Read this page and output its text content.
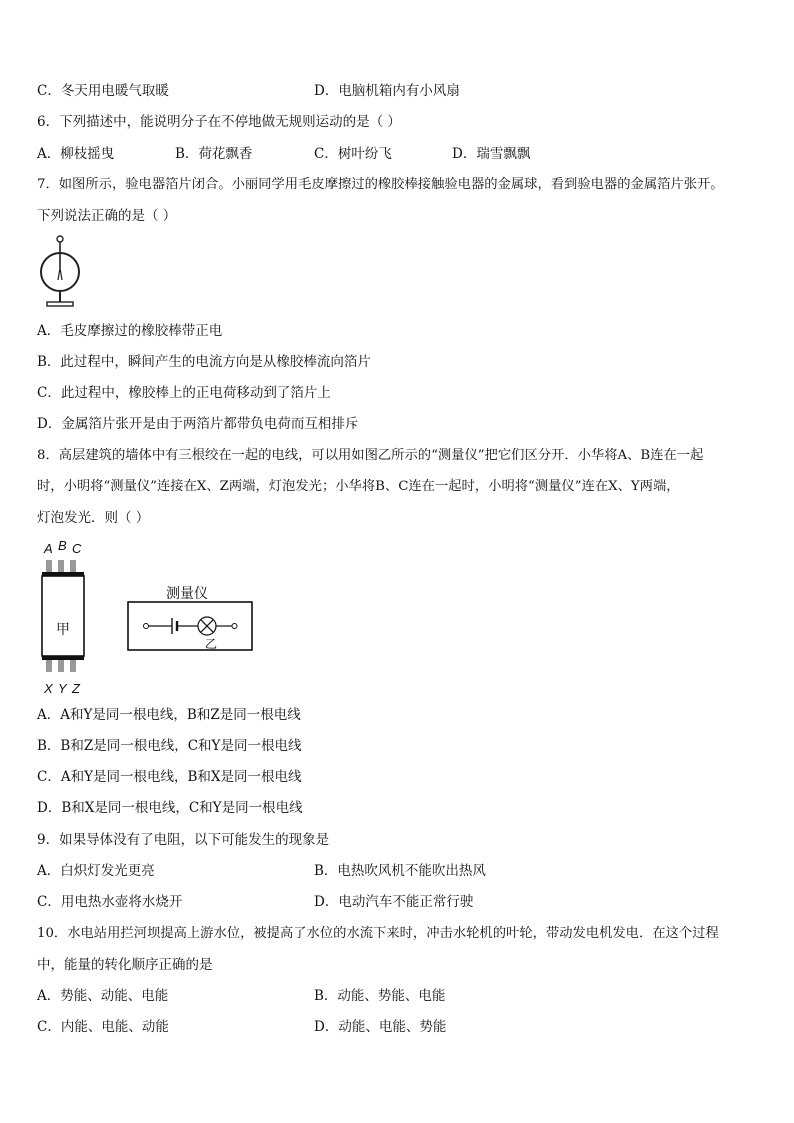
C．冬天用电暖气取暖	D．电脑机箱内有小风扇
6．下列描述中，能说明分子在不停地做无规则运动的是（ ）
A．柳枝摇曳	B．荷花飘香	C．树叶纷飞	D．瑞雪飘飘
7．如图所示，验电器箔片闭合。小丽同学用毛皮摩擦过的橡胶棒接触验电器的金属球，看到验电器的金属箔片张开。
下列说法正确的是（ ）
A．毛皮摩擦过的橡胶棒带正电
B．此过程中，瞬间产生的电流方向是从橡胶棒流向箔片
C．此过程中，橡胶棒上的正电荷移动到了箔片上
D．金属箔片张开是由于两箔片都带负电荷而互相排斥
8．高层建筑的墙体中有三根绞在一起的电线，可以用如图乙所示的“测量仪”把它们区分开．小华将A、B连在一起
时，小明将“测量仪”连接在X、Z两端，灯泡发光；小华将B、C连在一起时，小明将“测量仪”连在X、Y两端，
灯泡发光．则（ ）
A B C
甲
X Y Z
测量仪
乙
A．A和Y是同一根电线，B和Z是同一根电线
B．B和Z是同一根电线，C和Y是同一根电线
C．A和Y是同一根电线，B和X是同一根电线
D．B和X是同一根电线，C和Y是同一根电线
9．如果导体没有了电阻，以下可能发生的现象是
A．白炽灯发光更亮	B．电热吹风机不能吹出热风
C．用电热水壶将水烧开	D．电动汽车不能正常行驶
10．水电站用拦河坝提高上游水位，被提高了水位的水流下来时，冲击水轮机的叶轮，带动发电机发电．在这个过程
中，能量的转化顺序正确的是
A．势能、动能、电能	B．动能、势能、电能
C．内能、电能、动能	D．动能、电能、势能
